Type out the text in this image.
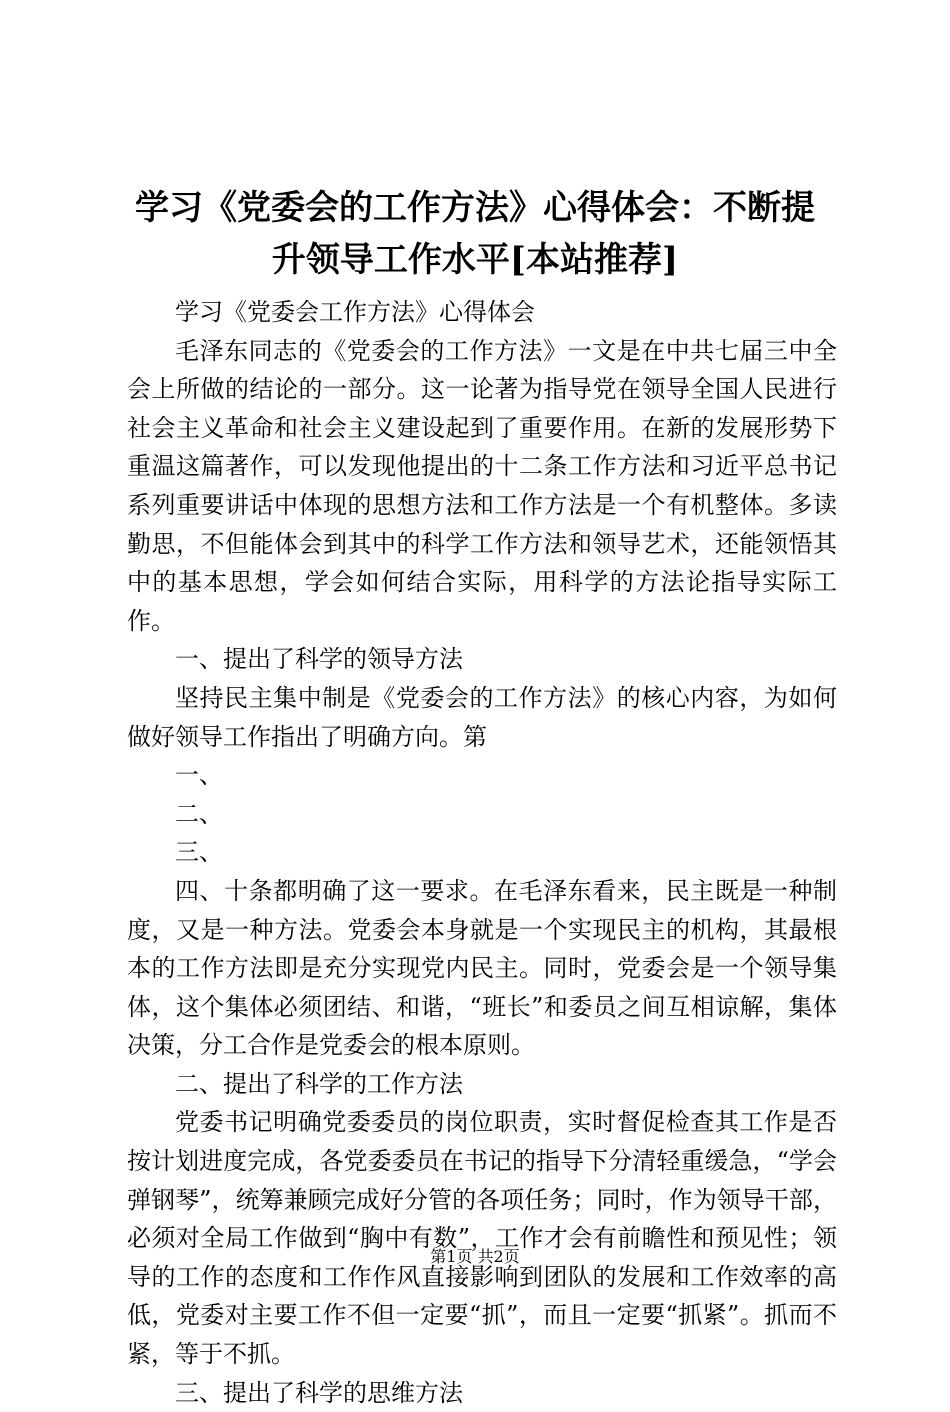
学习《党委会的工作方法》心得体会：不断提
升领导工作水平[本站推荐]

学习《党委会工作方法》心得体会

毛泽东同志的《党委会的工作方法》一文是在中共七届三中全会上所做的结论的一部分。这一论著为指导党在领导全国人民进行社会主义革命和社会主义建设起到了重要作用。在新的发展形势下重温这篇著作，可以发现他提出的十二条工作方法和习近平总书记系列重要讲话中体现的思想方法和工作方法是一个有机整体。多读勤思，不但能体会到其中的科学工作方法和领导艺术，还能领悟其中的基本思想，学会如何结合实际，用科学的方法论指导实际工作。

一、提出了科学的领导方法

坚持民主集中制是《党委会的工作方法》的核心内容，为如何做好领导工作指出了明确方向。第

一、

二、

三、

四、十条都明确了这一要求。在毛泽东看来，民主既是一种制度，又是一种方法。党委会本身就是一个实现民主的机构，其最根本的工作方法即是充分实现党内民主。同时，党委会是一个领导集体，这个集体必须团结、和谐，“班长”和委员之间互相谅解，集体决策，分工合作是党委会的根本原则。

二、提出了科学的工作方法

党委书记明确党委委员的岗位职责，实时督促检查其工作是否按计划进度完成，各党委委员在书记的指导下分清轻重缓急，“学会弹钢琴”，统筹兼顾完成好分管的各项任务；同时，作为领导干部，必须对全局工作做到“胸中有数”，工作才会有前瞻性和预见性；领导的工作的态度和工作作风直接影响到团队的发展和工作效率的高低，党委对主要工作不但一定要“抓”，而且一定要“抓紧”。抓而不紧，等于不抓。

三、提出了科学的思维方法

第1页 共2页
